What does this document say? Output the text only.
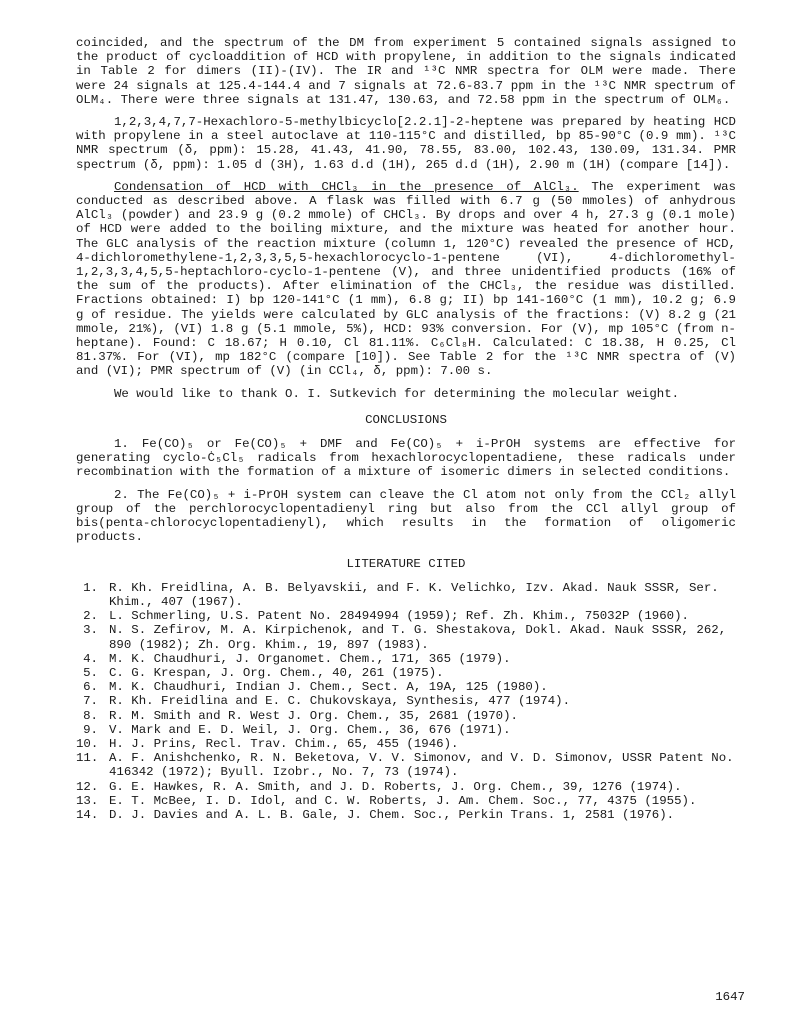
coincided, and the spectrum of the DM from experiment 5 contained signals assigned to the product of cycloaddition of HCD with propylene, in addition to the signals indicated in Table 2 for dimers (II)-(IV). The IR and ¹³C NMR spectra for OLM were made. There were 24 signals at 125.4-144.4 and 7 signals at 72.6-83.7 ppm in the ¹³C NMR spectrum of OLM₄. There were three signals at 131.47, 130.63, and 72.58 ppm in the spectrum of OLM₆.

1,2,3,4,7,7-Hexachloro-5-methylbicyclo[2.2.1]-2-heptene was prepared by heating HCD with propylene in a steel autoclave at 110-115°C and distilled, bp 85-90°C (0.9 mm). ¹³C NMR spectrum (δ, ppm): 15.28, 41.43, 41.90, 78.55, 83.00, 102.43, 130.09, 131.34. PMR spectrum (δ, ppm): 1.05 d (3H), 1.63 d.d (1H), 265 d.d (1H), 2.90 m (1H) (compare [14]).

Condensation of HCD with CHCl₃ in the presence of AlCl₃. The experiment was conducted as described above. A flask was filled with 6.7 g (50 mmoles) of anhydrous AlCl₃ (powder) and 23.9 g (0.2 mmole) of CHCl₃. By drops and over 4 h, 27.3 g (0.1 mole) of HCD were added to the boiling mixture, and the mixture was heated for another hour. The GLC analysis of the reaction mixture (column 1, 120°C) revealed the presence of HCD, 4-dichloromethylene-1,2,3,3,5,5-hexachlorocyclo-1-pentene (VI), 4-dichloromethyl-1,2,3,3,4,5,5-heptachloro-cyclo-1-pentene (V), and three unidentified products (16% of the sum of the products). After elimination of the CHCl₃, the residue was distilled. Fractions obtained: I) bp 120-141°C (1 mm), 6.8 g; II) bp 141-160°C (1 mm), 10.2 g; 6.9 g of residue. The yields were calculated by GLC analysis of the fractions: (V) 8.2 g (21 mmole, 21%), (VI) 1.8 g (5.1 mmole, 5%), HCD: 93% conversion. For (V), mp 105°C (from n-heptane). Found: C 18.67; H 0.10, Cl 81.11%. C₆Cl₈H. Calculated: C 18.38, H 0.25, Cl 81.37%. For (VI), mp 182°C (compare [10]). See Table 2 for the ¹³C NMR spectra of (V) and (VI); PMR spectrum of (V) (in CCl₄, δ, ppm): 7.00 s.

We would like to thank O. I. Sutkevich for determining the molecular weight.

CONCLUSIONS

1. Fe(CO)₅ or Fe(CO)₅ + DMF and Fe(CO)₅ + i-PrOH systems are effective for generating cyclo-Ċ₅Cl₅ radicals from hexachlorocyclopentadiene, these radicals under recombination with the formation of a mixture of isomeric dimers in selected conditions.

2. The Fe(CO)₅ + i-PrOH system can cleave the Cl atom not only from the CCl₂ allyl group of the perchlorocyclopentadienyl ring but also from the CCl allyl group of bis(penta-chlorocyclopentadienyl), which results in the formation of oligomeric products.

LITERATURE CITED
1. R. Kh. Freidlina, A. B. Belyavskii, and F. K. Velichko, Izv. Akad. Nauk SSSR, Ser. Khim., 407 (1967).
2. L. Schmerling, U.S. Patent No. 28494994 (1959); Ref. Zh. Khim., 75032P (1960).
3. N. S. Zefirov, M. A. Kirpichenok, and T. G. Shestakova, Dokl. Akad. Nauk SSSR, 262, 890 (1982); Zh. Org. Khim., 19, 897 (1983).
4. M. K. Chaudhuri, J. Organomet. Chem., 171, 365 (1979).
5. C. G. Krespan, J. Org. Chem., 40, 261 (1975).
6. M. K. Chaudhuri, Indian J. Chem., Sect. A, 19A, 125 (1980).
7. R. Kh. Freidlina and E. C. Chukovskaya, Synthesis, 477 (1974).
8. R. M. Smith and R. West J. Org. Chem., 35, 2681 (1970).
9. V. Mark and E. D. Weil, J. Org. Chem., 36, 676 (1971).
10. H. J. Prins, Recl. Trav. Chim., 65, 455 (1946).
11. A. F. Anishchenko, R. N. Beketova, V. V. Simonov, and V. D. Simonov, USSR Patent No. 416342 (1972); Byull. Izobr., No. 7, 73 (1974).
12. G. E. Hawkes, R. A. Smith, and J. D. Roberts, J. Org. Chem., 39, 1276 (1974).
13. E. T. McBee, I. D. Idol, and C. W. Roberts, J. Am. Chem. Soc., 77, 4375 (1955).
14. D. J. Davies and A. L. B. Gale, J. Chem. Soc., Perkin Trans. 1, 2581 (1976).
1647
